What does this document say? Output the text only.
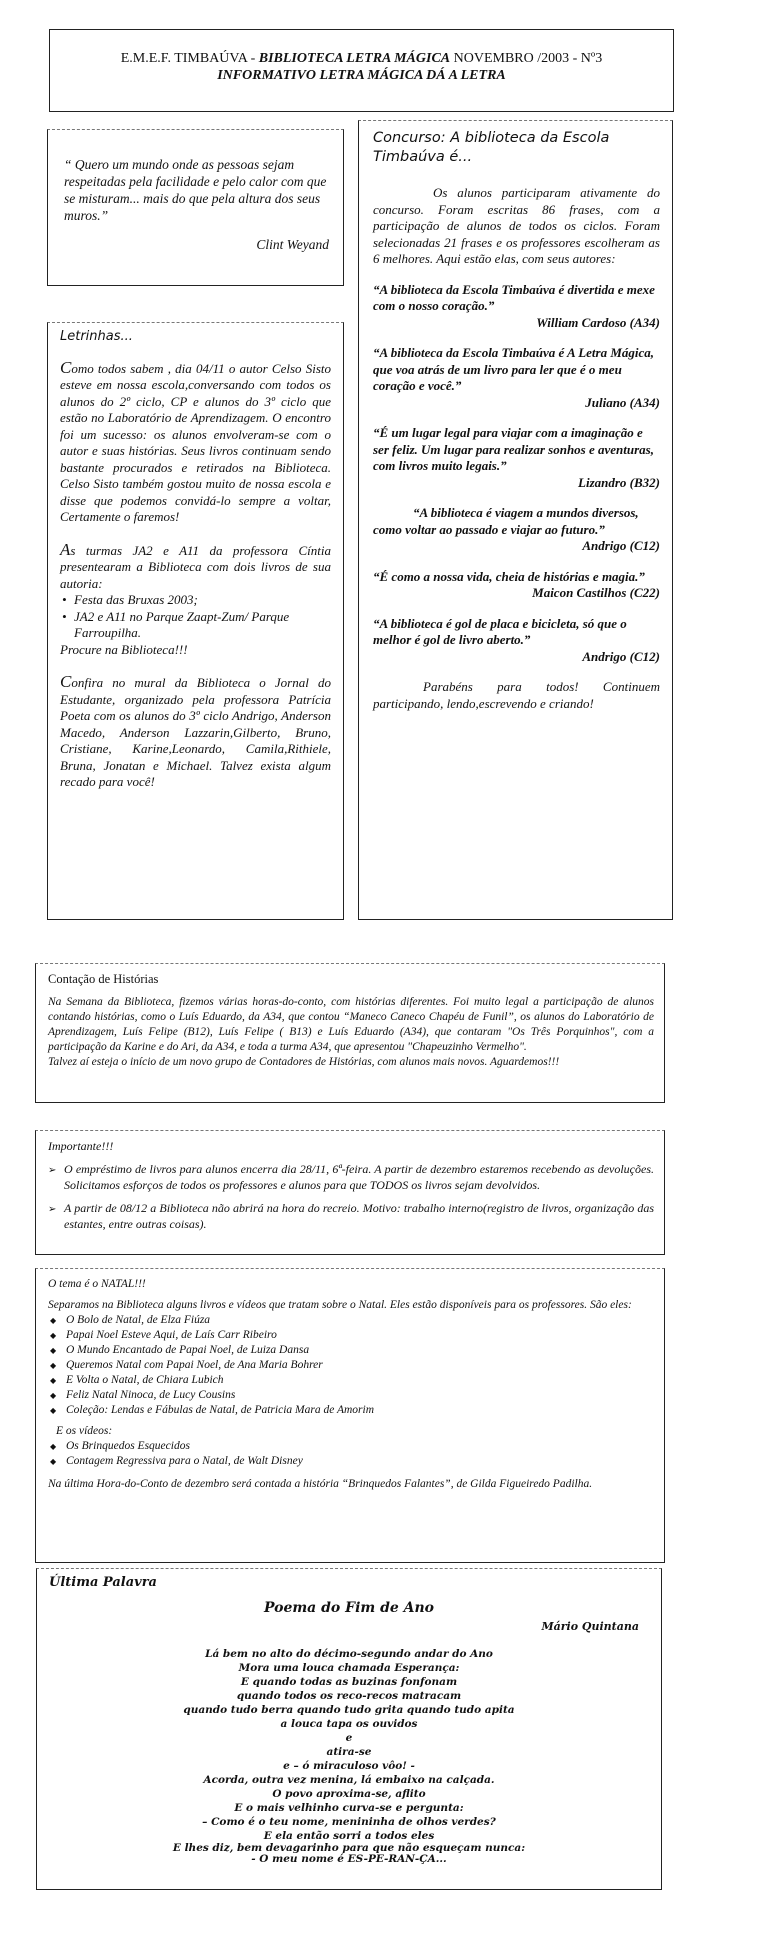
E.M.E.F. TIMBAÚVA - BIBLIOTECA LETRA MÁGICA NOVEMBRO /2003 - Nº3
INFORMATIVO LETRA MÁGICA DÁ A LETRA
“ Quero um mundo onde as pessoas sejam respeitadas pela facilidade e pelo calor com que se misturam... mais do que pela altura dos seus muros.”
Clint Weyand
Letrinhas...

Como todos sabem , dia 04/11 o autor Celso Sisto esteve em nossa escola,conversando com todos os alunos do 2º ciclo, CP e alunos do 3º ciclo que estão no Laboratório de Aprendizagem. O encontro foi um sucesso: os alunos envolveram-se com o autor e suas histórias. Seus livros continuam sendo bastante procurados e retirados na Biblioteca. Celso Sisto também gostou muito de nossa escola e disse que podemos convidá-lo sempre a voltar, Certamente o faremos!

As turmas JA2 e A11 da professora Cíntia presentearam a Biblioteca com dois livros de sua autoria:

• Festa das Bruxas 2003;
• JA2 e A11 no Parque Zaapt-Zum/ Parque Farroupilha.

Procure na Biblioteca!!!

Confira no mural da Biblioteca o Jornal do Estudante, organizado pela professora Patrícia Poeta com os alunos do 3º ciclo Andrigo, Anderson Macedo, Anderson Lazzarin,Gilberto, Bruno, Cristiane, Karine,Leonardo, Camila,Rithiele, Bruna, Jonatan e Michael. Talvez exista algum recado para você!

Concurso: A biblioteca da Escola Timbaúva é...

Os alunos participaram ativamente do concurso. Foram escritas 86 frases, com a participação de alunos de todos os ciclos. Foram selecionadas 21 frases e os professores escolheram as 6 melhores. Aqui estão elas, com seus autores:

“A biblioteca da Escola Timbaúva é divertida e mexe com o nosso coração.”
William Cardoso (A34)
“A biblioteca da Escola Timbaúva é A Letra Mágica, que voa atrás de um livro para ler que é o meu coração e você.”
Juliano (A34)
“É um lugar legal para viajar com a imaginação e ser feliz. Um lugar para realizar sonhos e aventuras, com livros muito legais.”
Lizandro (B32)
“A biblioteca é viagem a mundos diversos, como voltar ao passado e viajar ao futuro.”
Andrigo (C12)
“É como a nossa vida, cheia de histórias e magia.”
Maicon Castilhos (C22)
“A biblioteca é gol de placa e bicicleta, só que o melhor é gol de livro aberto.”
Andrigo (C12)

Parabéns para todos! Continuem participando, lendo,escrevendo e criando!

Contação de Histórias

Na Semana da Biblioteca, fizemos várias horas-do-conto, com histórias diferentes. Foi muito legal a participação de alunos contando histórias, como o Luís Eduardo, da A34, que contou “Maneco Caneco Chapéu de Funil”, os alunos do Laboratório de Aprendizagem, Luís Felipe (B12), Luís Felipe ( B13) e Luís Eduardo (A34), que contaram "Os Três Porquinhos", com a participação da Karine e do Ari, da A34, e toda a turma A34, que apresentou "Chapeuzinho Vermelho".

Talvez aí esteja o início de um novo grupo de Contadores de Histórias, com alunos mais novos. Aguardemos!!!

Importante!!!
➢ O empréstimo de livros para alunos encerra dia 28/11, 6ª-feira. A partir de dezembro estaremos recebendo as devoluções. Solicitamos esforços de todos os professores e alunos para que TODOS os livros sejam devolvidos.
➢ A partir de 08/12 a Biblioteca não abrirá na hora do recreio. Motivo: trabalho interno(registro de livros, organização das estantes, entre outras coisas).

O tema é o NATAL!!!

Separamos na Biblioteca alguns livros e vídeos que tratam sobre o Natal. Eles estão disponíveis para os professores. São eles:

◆ O Bolo de Natal, de Elza Fiúza
◆ Papai Noel Esteve Aqui, de Laís Carr Ribeiro
◆ O Mundo Encantado de Papai Noel, de Luiza Dansa
◆ Queremos Natal com Papai Noel, de Ana Maria Bohrer
◆ E Volta o Natal, de Chiara Lubich
◆ Feliz Natal Ninoca, de Lucy Cousins
◆ Coleção: Lendas e Fábulas de Natal, de Patricia Mara de Amorim

E os vídeos:

◆ Os Brinquedos Esquecidos
◆ Contagem Regressiva para o Natal, de Walt Disney

Na última Hora-do-Conto de dezembro será contada a história “Brinquedos Falantes”, de Gilda Figueiredo Padilha.

Última Palavra
Poema do Fim de Ano
Mário Quintana
Lá bem no alto do décimo-segundo andar do Ano
Mora uma louca chamada Esperança:
E quando todas as buzinas fonfonam
quando todos os reco-recos matracam
quando tudo berra quando tudo grita quando tudo apita
a louca tapa os ouvidos
e
atira-se
e – ó miraculoso vôo! -
Acorda, outra vez menina, lá embaixo na calçada.
O povo aproxima-se, aflito
E o mais velhinho curva-se e pergunta:
– Como é o teu nome, menininha de olhos verdes?
E ela então sorri a todos eles
E lhes diz, bem devagarinho para que não esqueçam nunca:
- O meu nome é ES-PE-RAN-ÇA...
